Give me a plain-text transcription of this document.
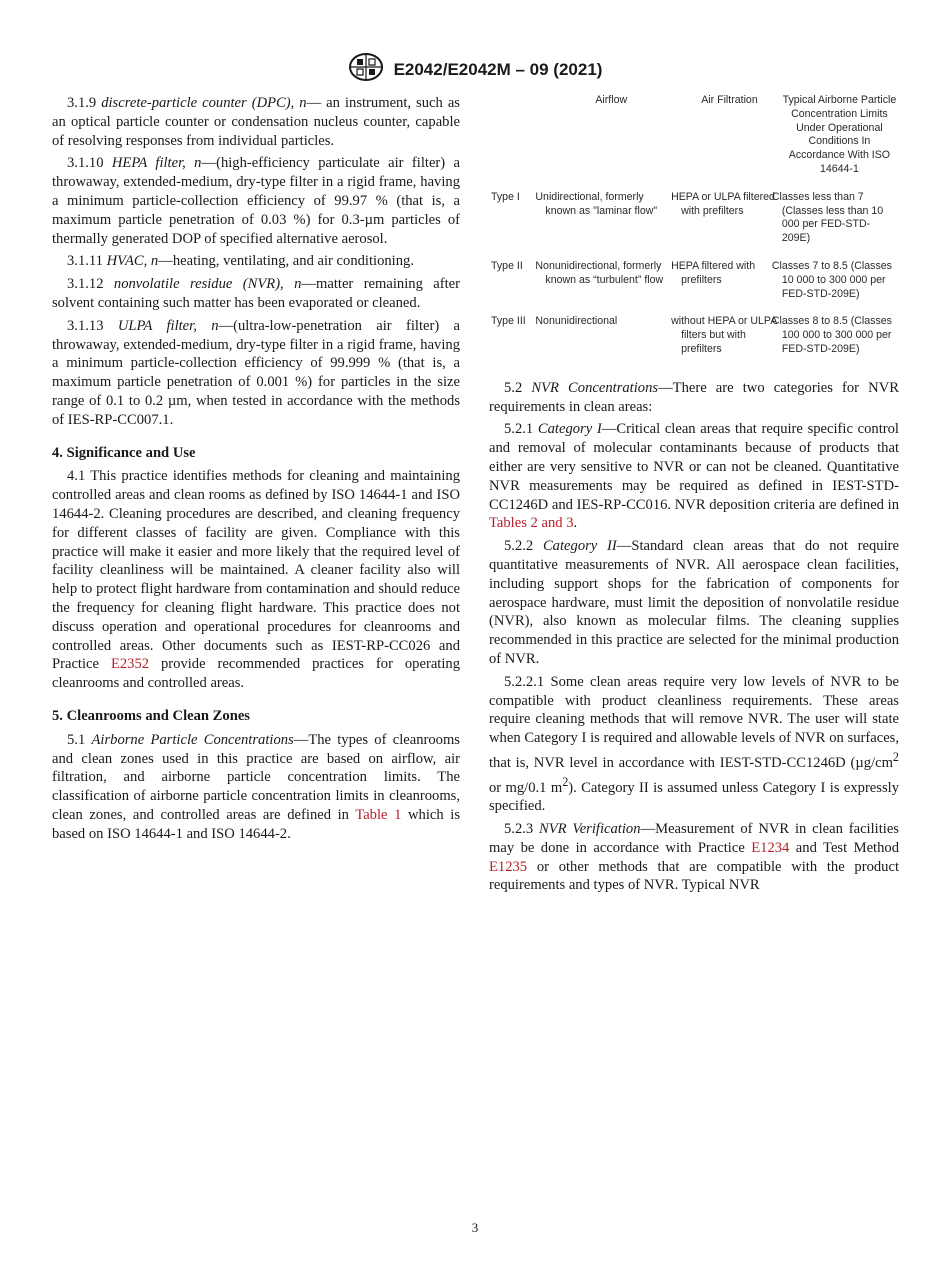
E2042/E2042M – 09 (2021)

3.1.9 discrete-particle counter (DPC), n— an instrument, such as an optical particle counter or condensation nucleus counter, capable of resolving responses from individual particles.

3.1.10 HEPA filter, n—(high-efficiency particulate air filter) a throwaway, extended-medium, dry-type filter in a rigid frame, having a minimum particle-collection efficiency of 99.97 % (that is, a maximum particle penetration of 0.03 %) for 0.3-µm particles of thermally generated DOP of specified alternative aerosol.

3.1.11 HVAC, n—heating, ventilating, and air conditioning.

3.1.12 nonvolatile residue (NVR), n—matter remaining after solvent containing such matter has been evaporated or cleaned.

3.1.13 ULPA filter, n—(ultra-low-penetration air filter) a throwaway, extended-medium, dry-type filter in a rigid frame, having a minimum particle-collection efficiency of 99.999 % (that is, a maximum particle penetration of 0.001 %) for particles in the size range of 0.1 to 0.2 µm, when tested in accordance with the methods of IES-RP-CC007.1.

4. Significance and Use

4.1 This practice identifies methods for cleaning and maintaining controlled areas and clean rooms as defined by ISO 14644-1 and ISO 14644-2. Cleaning procedures are described, and cleaning frequency for different classes of facility are given. Compliance with this practice will make it easier and more likely that the required level of facility cleanliness will be maintained. A cleaner facility also will help to protect flight hardware from contamination and should reduce the frequency for cleaning flight hardware. This practice does not discuss operation and operational procedures for cleanrooms and controlled areas. Other documents such as IEST-RP-CC026 and Practice E2352 provide recommended practices for operating cleanrooms and controlled areas.

5. Cleanrooms and Clean Zones

5.1 Airborne Particle Concentrations—The types of cleanrooms and clean zones used in this practice are based on airflow, air filtration, and airborne particle concentration limits. The classification of airborne particle concentration limits in cleanrooms, clean zones, and controlled areas are defined in Table 1 which is based on ISO 14644-1 and ISO 14644-2.

	Airflow	Air Filtration	Typical Airborne Particle Concentration Limits Under Operational Conditions In Accordance With ISO 14644-1
Type I	Unidirectional, formerly known as "laminar flow"	HEPA or ULPA filtered with prefilters	Classes less than 7 (Classes less than 10 000 per FED-STD-209E)
Type II	Nonunidirectional, formerly known as “turbulent” flow	HEPA filtered with prefilters	Classes 7 to 8.5 (Classes 10 000 to 300 000 per FED-STD-209E)
Type III	Nonunidirectional	without HEPA or ULPA filters but with prefilters	Classes 8 to 8.5 (Classes 100 000 to 300 000 per FED-STD-209E)

5.2 NVR Concentrations—There are two categories for NVR requirements in clean areas:

5.2.1 Category I—Critical clean areas that require specific control and removal of molecular contaminants because of products that either are very sensitive to NVR or can not be cleaned. Quantitative NVR measurements may be required as defined in IEST-STD-CC1246D and IES-RP-CC016. NVR deposition criteria are defined in Tables 2 and 3.

5.2.2 Category II—Standard clean areas that do not require quantitative measurements of NVR. All aerospace clean facilities, including support shops for the fabrication of components for aerospace hardware, must limit the deposition of nonvolatile residue (NVR), also known as molecular films. The cleaning supplies recommended in this practice are selected for the minimal production of NVR.

5.2.2.1 Some clean areas require very low levels of NVR to be compatible with product cleanliness requirements. These areas require cleaning methods that will remove NVR. The user will state when Category I is required and allowable levels of NVR on surfaces, that is, NVR level in accordance with IEST-STD-CC1246D ($\mu g/cm^2$ or mg/0.1 $m^2$). Category II is assumed unless Category I is expressly specified.

5.2.3 NVR Verification—Measurement of NVR in clean facilities may be done in accordance with Practice E1234 and Test Method E1235 or other methods that are compatible with the product requirements and types of NVR. Typical NVR

3
